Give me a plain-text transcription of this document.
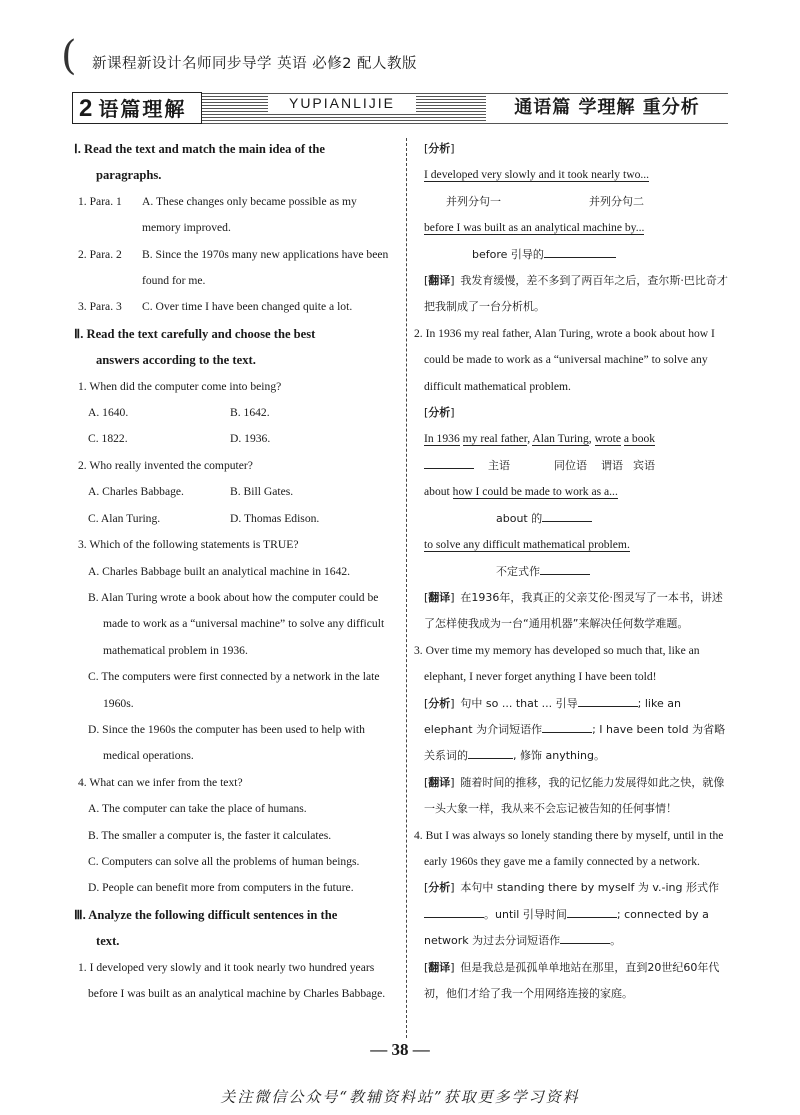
( 新课程新设计名师同步导学 英语 必修2 配人教版
2 语篇理解	YUPIANLIJIE	通语篇 学理解 重分析

Ⅰ. Read the text and match the main idea of the

paragraphs.

1. Para. 1	A. These changes only became possible as my memory improved.
2. Para. 2	B. Since the 1970s many new applications have been found for me.
3. Para. 3	C. Over time I have been changed quite a lot.

Ⅱ. Read the text carefully and choose the best

answers according to the text.

1. When did the computer come into being?

A. 1640.	B. 1642.
C. 1822.	D. 1936.

2. Who really invented the computer?

A. Charles Babbage.	B. Bill Gates.
C. Alan Turing.	D. Thomas Edison.

3. Which of the following statements is TRUE?

A. Charles Babbage built an analytical machine in 1642.

B. Alan Turing wrote a book about how the computer could be made to work as a “universal machine” to solve any difficult mathematical problem in 1936.

C. The computers were first connected by a network in the late 1960s.

D. Since the 1960s the computer has been used to help with medical operations.

4. What can we infer from the text?

A. The computer can take the place of humans.

B. The smaller a computer is, the faster it calculates.

C. Computers can solve all the problems of human beings.

D. People can benefit more from computers in the future.

Ⅲ. Analyze the following difficult sentences in the

text.

1. I developed very slowly and it took nearly two hundred years before I was built as an analytical machine by Charles Babbage.

[ 分析 ]

I developed very slowly and it took nearly two...

并列分句一	并列分句二

before I was built as an analytical machine by...

before 引导的

[ 翻译 ] 我发育缓慢，差不多到了两百年之后，查尔斯·巴比奇才把我制成了一台分析机。

2. In 1936 my real father, Alan Turing, wrote a book about how I could be made to work as a “universal machine” to solve any difficult mathematical problem.

[ 分析 ]

In 1936 my real father, Alan Turing, wrote a book

主语	同位语 谓语 宾语

about how I could be made to work as a...

about 的

to solve any difficult mathematical problem.

不定式作

[ 翻译 ] 在1936年，我真正的父亲艾伦·图灵写了一本书，讲述了怎样使我成为一台“通用机器”来解决任何数学难题。

3. Over time my memory has developed so much that, like an elephant, I never forget anything I have been told!

[ 分析 ] 句中 so ... that ... 引导	; like an elephant 为介词短语作	; I have been told 为省略关系词的	, 修饰 anything。

[ 翻译 ] 随着时间的推移，我的记忆能力发展得如此之快，就像一头大象一样，我从来不会忘记被告知的任何事情！

4. But I was always so lonely standing there by myself, until in the early 1960s they gave me a family connected by a network.

[ 分析 ] 本句中 standing there by myself 为 v.-ing 形式作。until 引导时间	; connected by a network 为过去分词短语作	。

[ 翻译 ] 但是我总是孤孤单单地站在那里，直到20世纪60年代初，他们才给了我一个用网络连接的家庭。

— 38 —
关注微信公众号“教辅资料站”获取更多学习资料
